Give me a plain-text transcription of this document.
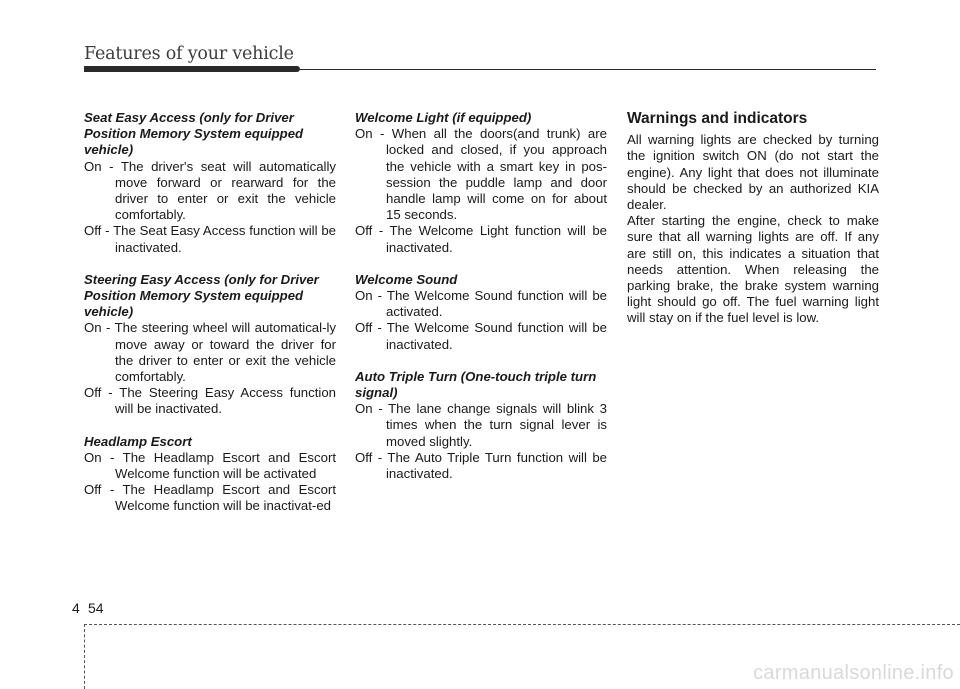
Features of your vehicle

Seat Easy Access (only for Driver Position Memory System equipped vehicle)

On - The driver's seat will automatically move forward or rearward for the driver to enter or exit the vehicle comfortably.

Off - The Seat Easy Access function will be inactivated.

Steering Easy Access (only for Driver Position Memory System equipped vehicle)

On - The steering wheel will automatical-ly move away or toward the driver for the driver to enter or exit the vehicle comfortably.

Off - The Steering Easy Access function will be inactivated.

Headlamp Escort

On - The Headlamp Escort and Escort Welcome function will be activated

Off - The Headlamp Escort and Escort Welcome function will be inactivat-ed

Welcome Light (if equipped)

On - When all the doors(and trunk) are locked and closed, if you approach the vehicle with a smart key in pos-session the puddle lamp and door handle lamp will come on for about 15 seconds.

Off - The Welcome Light function will be inactivated.

Welcome Sound

On - The Welcome Sound function will be activated.

Off - The Welcome Sound function will be inactivated.

Auto Triple Turn (One-touch triple turn signal)

On - The lane change signals will blink 3 times when the turn signal lever is moved slightly.

Off - The Auto Triple Turn function will be inactivated.

Warnings and indicators

All warning lights are checked by turning the ignition switch ON (do not start the engine). Any light that does not illuminate should be checked by an authorized KIA dealer.

After starting the engine, check to make sure that all warning lights are off. If any are still on, this indicates a situation that needs attention. When releasing the parking brake, the brake system warning light should go off. The fuel warning light will stay on if the fuel level is low.

4 54
carmanualsonline.info
